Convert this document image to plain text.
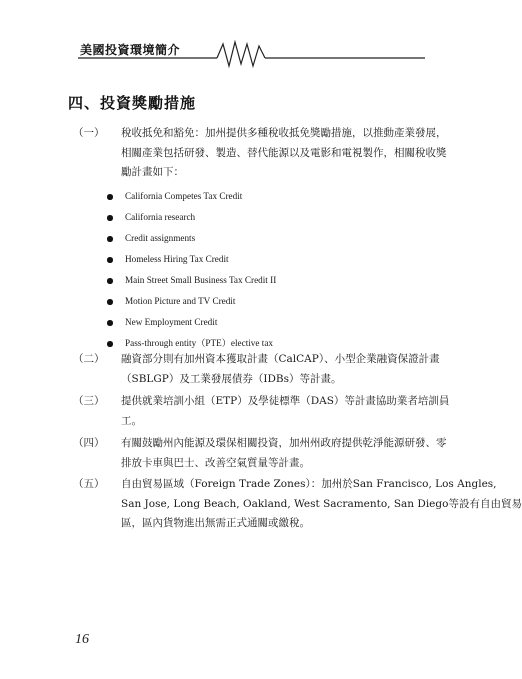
美國投資環境簡介
四、投資獎勵措施
（一） 稅收抵免和豁免：加州提供多種稅收抵免獎勵措施，以推動產業發展，
相關產業包括研發、製造、替代能源以及電影和電視製作，相關稅收獎
勵計畫如下：
California Competes Tax Credit
California research
Credit assignments
Homeless Hiring Tax Credit
Main Street Small Business Tax Credit II
Motion Picture and TV Credit
New Employment Credit
Pass-through entity（PTE）elective tax
（二） 融資部分則有加州資本獲取計畫（CalCAP）、小型企業融資保證計畫
（SBLGP）及工業發展債券（IDBs）等計畫。
（三） 提供就業培訓小組（ETP）及學徒標準（DAS）等計畫協助業者培訓員
工。
（四） 有關鼓勵州內能源及環保相關投資，加州州政府提供乾淨能源研發、零
排放卡車與巴士、改善空氣質量等計畫。
（五） 自由貿易區域（Foreign Trade Zones）：加州於San Francisco, Los Angles,
San Jose, Long Beach, Oakland, West Sacramento, San Diego等設有自由貿易
區，區內貨物進出無需正式通關或繳稅。
16
